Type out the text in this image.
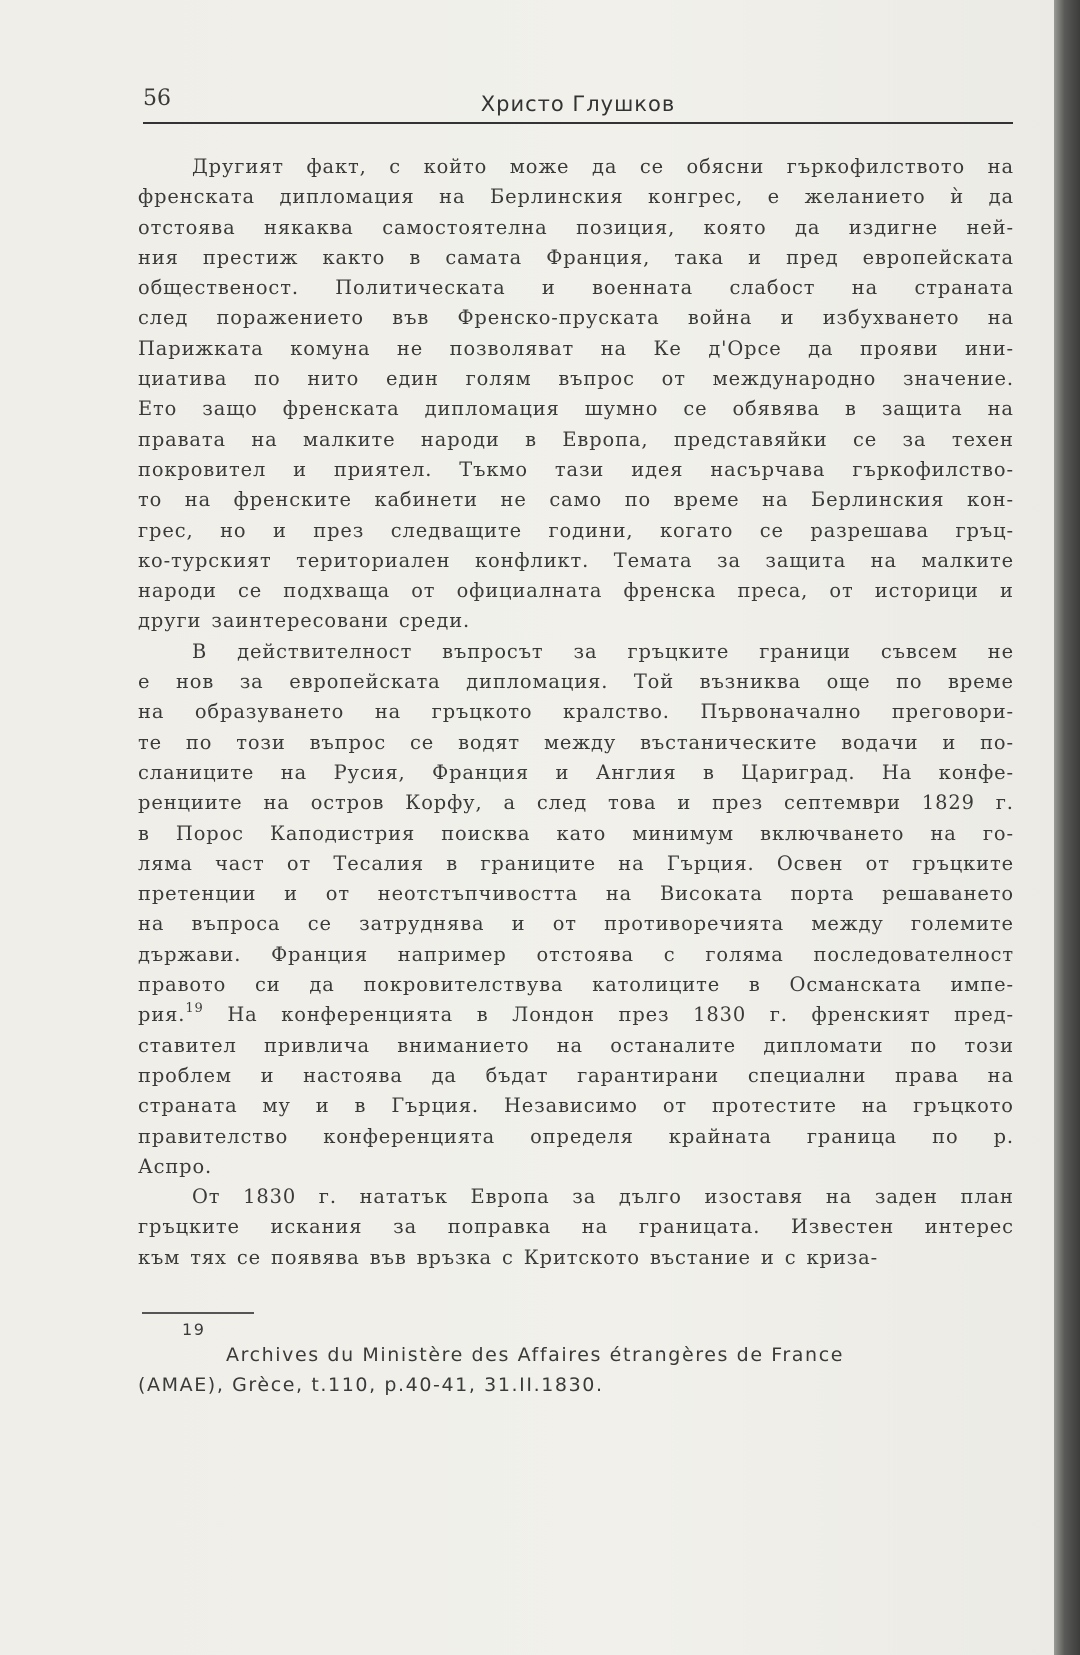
56	Христо Глушков
Другият факт, с който може да се обясни гъркофилството на
френската дипломация на Берлинския конгрес, е желанието ѝ да
отстоява някаква самостоятелна позиция, която да издигне ней-
ния престиж както в самата Франция, така и пред европейската
общественост. Политическата и военната слабост на страната
след поражението във Френско-пруската война и избухването на
Парижката комуна не позволяват на Ке д'Орсе да прояви ини-
циатива по нито един голям въпрос от международно значение.
Ето защо френската дипломация шумно се обявява в защита на
правата на малките народи в Европа, представяйки се за техен
покровител и приятел. Тъкмо тази идея насърчава гъркофилство-
то на френските кабинети не само по време на Берлинския кон-
грес, но и през следващите години, когато се разрешава гръц-
ко-турският териториален конфликт. Темата за защита на малките
народи се подхваща от официалната френска преса, от историци и
други заинтересовани среди.
В действителност въпросът за гръцките граници съвсем не
е нов за европейската дипломация. Той възниква още по време
на образуването на гръцкото кралство. Първоначално преговори-
те по този въпрос се водят между въстаническите водачи и по-
сланиците на Русия, Франция и Англия в Цариград. На конфе-
ренциите на остров Корфу, а след това и през септември 1829 г.
в Порос Каподистрия поисква като минимум включването на го-
ляма част от Тесалия в границите на Гърция. Освен от гръцките
претенции и от неотстъпчивостта на Високата порта решаването
на въпроса се затруднява и от противоречията между големите
държави. Франция например отстоява с голяма последователност
правото си да покровителствува католиците в Османската импе-
рия.$^{19}$ На конференцията в Лондон през 1830 г. френският пред-
ставител привлича вниманието на останалите дипломати по този
проблем и настоява да бъдат гарантирани специални права на
страната му и в Гърция. Независимо от протестите на гръцкото
правителство конференцията определя крайната граница по р.
Аспро.
От 1830 г. нататък Европа за дълго изоставя на заден план
гръцките искания за поправка на границата. Известен интерес
към тях се появява във връзка с Критското въстание и с криза-
19
Archives du Ministère des Affaires étrangères de France
(AMAE), Grèce, t.110, p.40-41, 31.II.1830.
